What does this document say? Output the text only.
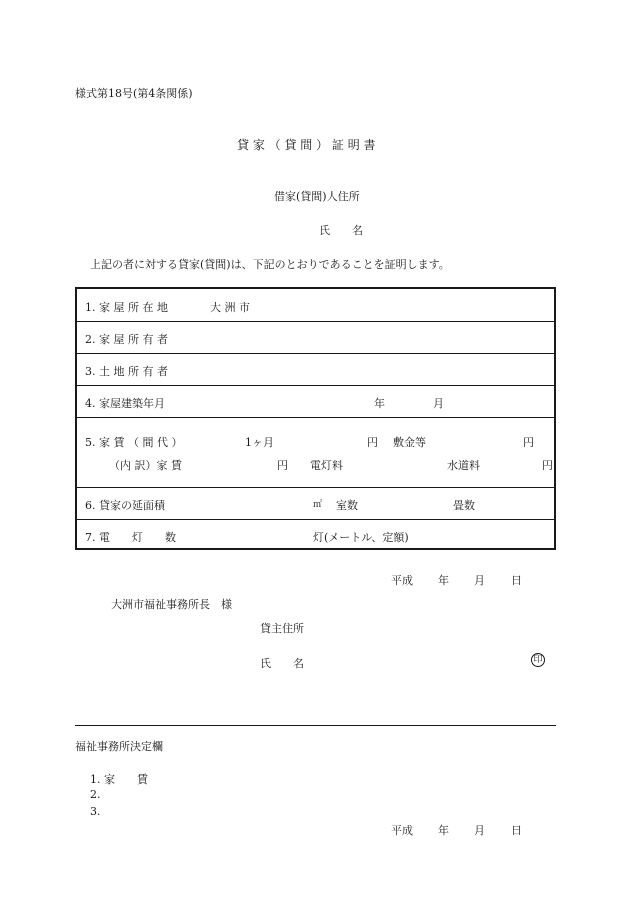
様式第18号(第4条関係)
貸 家 （ 貸 間 ） 証 明 書
借家(貸間)人住所
氏　　名
上記の者に対する貸家(貸間)は、下記のとおりであることを証明します。
1. 家 屋 所 在 地	大 洲 市
2. 家 屋 所 有 者
3. 土 地 所 有 者
4. 家屋建築年月	年	月
5. 家 賃 （ 間 代 ）	1ヶ月	円 敷金等	円
（内 訳）家 賃	円 電灯料	水道料	円
6. 貸家の延面積	㎡ 室数	畳数
7. 電　　灯　　数	灯(メートル、定額)
平成 年 月 日
大洲市福祉事務所長　様
貸主住所
氏　　名	印
福祉事務所決定欄
1. 家　　賃
2.
3.
平成 年 月 日
